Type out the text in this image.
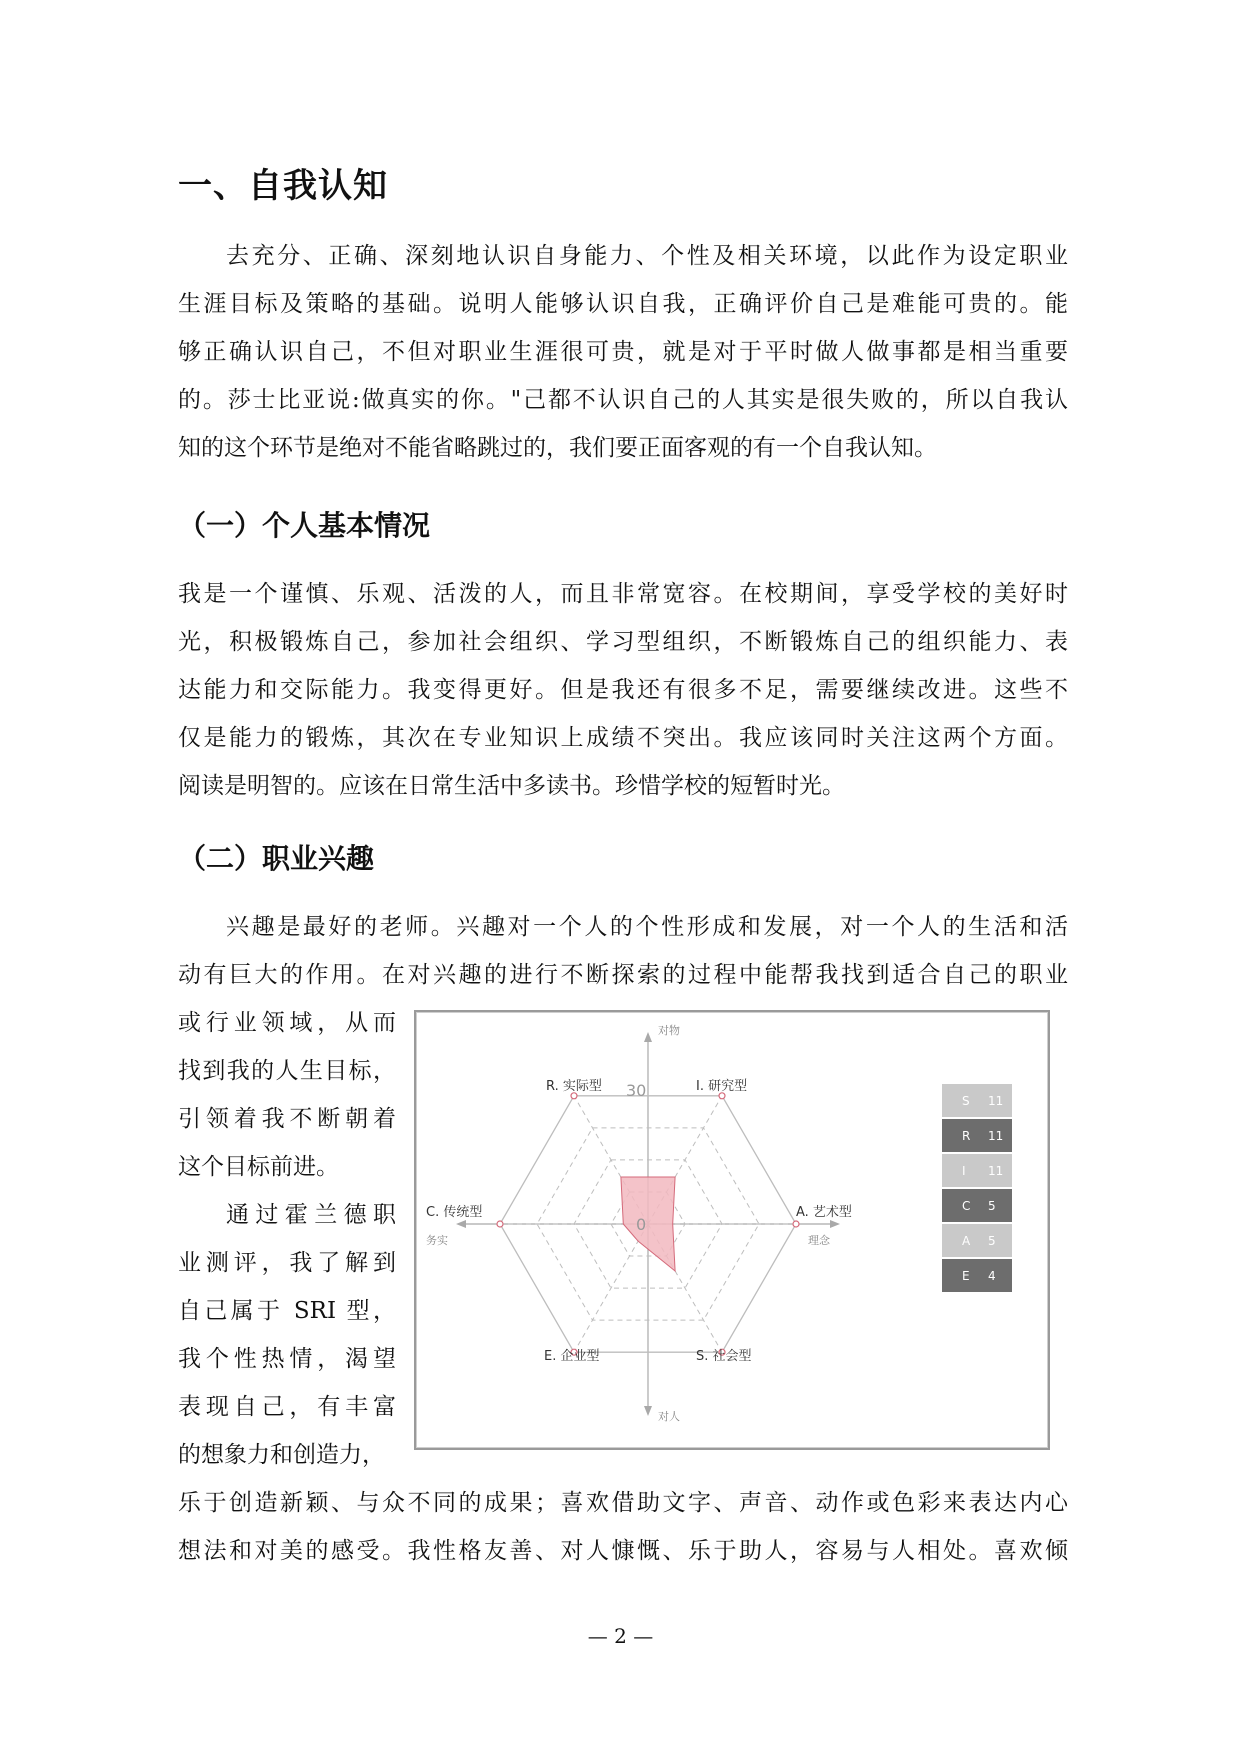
一、自我认知
去充分、正确、深刻地认识自身能力、个性及相关环境，以此作为设定职业
生涯目标及策略的基础。说明人能够认识自我，正确评价自己是难能可贵的。能
够正确认识自己，不但对职业生涯很可贵，就是对于平时做人做事都是相当重要
的。莎士比亚说:做真实的你。"己都不认识自己的人其实是很失败的，所以自我认
知的这个环节是绝对不能省略跳过的，我们要正面客观的有一个自我认知。
（一）个人基本情况
我是一个谨慎、乐观、活泼的人，而且非常宽容。在校期间，享受学校的美好时
光，积极锻炼自己，参加社会组织、学习型组织，不断锻炼自己的组织能力、表
达能力和交际能力。我变得更好。但是我还有很多不足，需要继续改进。这些不
仅是能力的锻炼，其次在专业知识上成绩不突出。我应该同时关注这两个方面。
阅读是明智的。应该在日常生活中多读书。珍惜学校的短暂时光。
（二）职业兴趣
兴趣是最好的老师。兴趣对一个人的个性形成和发展，对一个人的生活和活
动有巨大的作用。在对兴趣的进行不断探索的过程中能帮我找到适合自己的职业
或行业领域，从而
找到我的人生目标，
引领着我不断朝着
这个目标前进。
通过霍兰德职
业测评，我了解到
自己属于 SRI 型，
我个性热情，渴望
表现自己，有丰富
的想象力和创造力，
R. 实际型	I. 研究型
A. 艺术型
S. 社会型
E. 企业型
C. 传统型
对物
对人
务实	理念
30
0
S 11
R 11
I 11
C 5
A 5
E 4
乐于创造新颖、与众不同的成果；喜欢借助文字、声音、动作或色彩来表达内心
想法和对美的感受。我性格友善、对人慷慨、乐于助人，容易与人相处。喜欢倾
— 2 —
